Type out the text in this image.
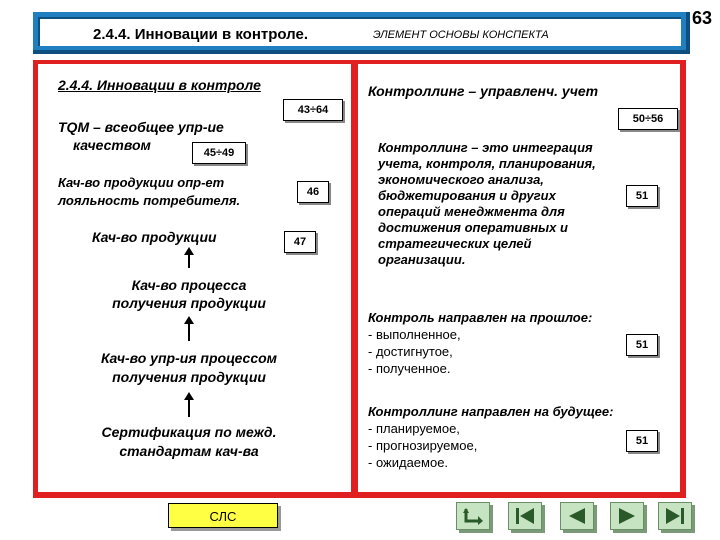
2.4.4. Инновации в контроле.	ЭЛЕМЕНТ ОСНОВЫ КОНСПЕКТА
63
2.4.4. Инновации в контроле
43÷64
TQM – всеобщее упр-ие
качеством	45÷49
Кач-во продукции опр-ет
лояльность потребителя.
46
Кач-во продукции	47
Кач-во процесса
получения продукции
Кач-во упр-ия процессом
получения продукции
Сертификация по межд.
стандартам кач-ва
Контроллинг – управленч. учет
50÷56
Контроллинг – это интеграция
учета, контроля, планирования,
экономического анализа,
бюджетирования и других
операций менеджмента для
достижения оперативных и
стратегических целей
организации.
51
Контроль направлен на прошлое:
- выполненное,
- достигнутое,
- полученное.
51
Контроллинг направлен на будущее:
- планируемое,
- прогнозируемое,
- ожидаемое.
51
СЛС
